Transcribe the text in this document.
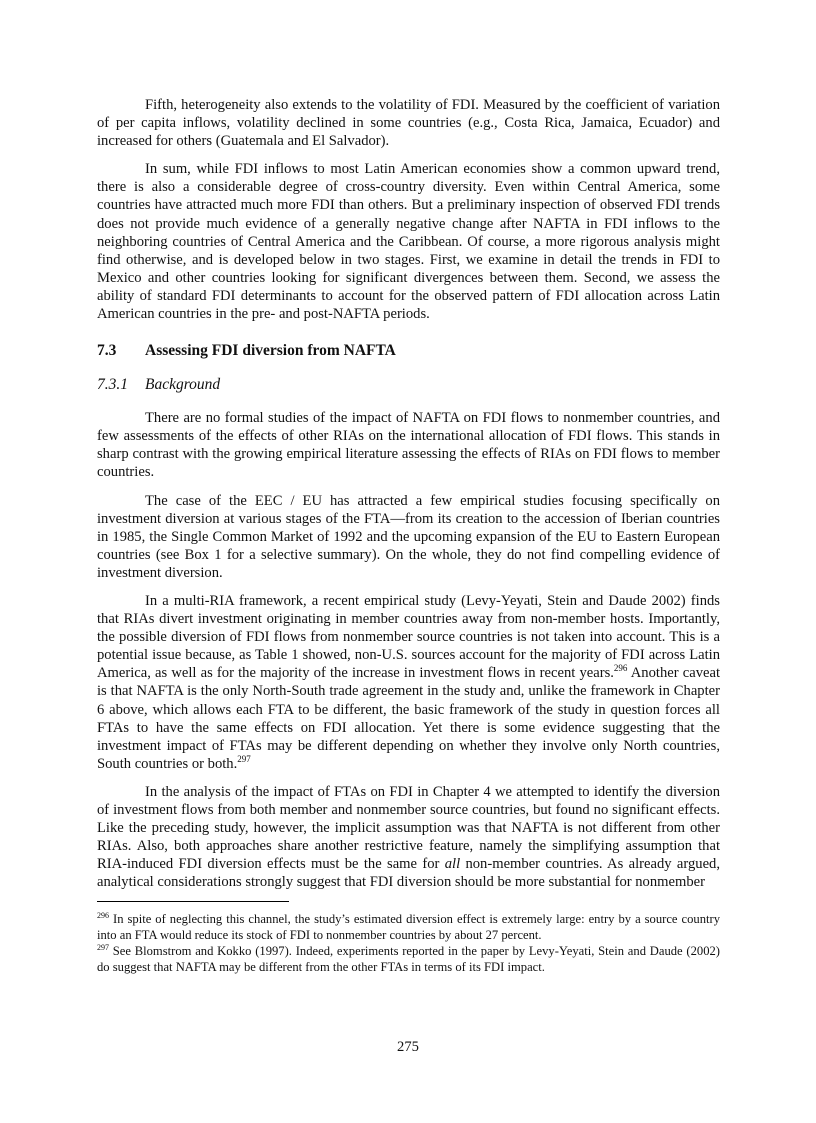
Fifth, heterogeneity also extends to the volatility of FDI. Measured by the coefficient of variation of per capita inflows, volatility declined in some countries (e.g., Costa Rica, Jamaica, Ecuador) and increased for others (Guatemala and El Salvador).

In sum, while FDI inflows to most Latin American economies show a common upward trend, there is also a considerable degree of cross-country diversity. Even within Central America, some countries have attracted much more FDI than others. But a preliminary inspection of observed FDI trends does not provide much evidence of a generally negative change after NAFTA in FDI inflows to the neighboring countries of Central America and the Caribbean. Of course, a more rigorous analysis might find otherwise, and is developed below in two stages. First, we examine in detail the trends in FDI to Mexico and other countries looking for significant divergences between them. Second, we assess the ability of standard FDI determinants to account for the observed pattern of FDI allocation across Latin American countries in the pre- and post-NAFTA periods.

7.3 Assessing FDI diversion from NAFTA
7.3.1 Background

There are no formal studies of the impact of NAFTA on FDI flows to nonmember countries, and few assessments of the effects of other RIAs on the international allocation of FDI flows. This stands in sharp contrast with the growing empirical literature assessing the effects of RIAs on FDI flows to member countries.

The case of the EEC / EU has attracted a few empirical studies focusing specifically on investment diversion at various stages of the FTA—from its creation to the accession of Iberian countries in 1985, the Single Common Market of 1992 and the upcoming expansion of the EU to Eastern European countries (see Box 1 for a selective summary). On the whole, they do not find compelling evidence of investment diversion.

In a multi-RIA framework, a recent empirical study (Levy-Yeyati, Stein and Daude 2002) finds that RIAs divert investment originating in member countries away from non-member hosts. Importantly, the possible diversion of FDI flows from nonmember source countries is not taken into account. This is a potential issue because, as Table 1 showed, non-U.S. sources account for the majority of FDI across Latin America, as well as for the majority of the increase in investment flows in recent years.$^{296}$ Another caveat is that NAFTA is the only North-South trade agreement in the study and, unlike the framework in Chapter 6 above, which allows each FTA to be different, the basic framework of the study in question forces all FTAs to have the same effects on FDI allocation. Yet there is some evidence suggesting that the investment impact of FTAs may be different depending on whether they involve only North countries, South countries or both.$^{297}$

In the analysis of the impact of FTAs on FDI in Chapter 4 we attempted to identify the diversion of investment flows from both member and nonmember source countries, but found no significant effects. Like the preceding study, however, the implicit assumption was that NAFTA is not different from other RIAs. Also, both approaches share another restrictive feature, namely the simplifying assumption that RIA-induced FDI diversion effects must be the same for all non-member countries. As already argued, analytical considerations strongly suggest that FDI diversion should be more substantial for nonmember

$^{296}$ In spite of neglecting this channel, the study’s estimated diversion effect is extremely large: entry by a source country into an FTA would reduce its stock of FDI to nonmember countries by about 27 percent.

$^{297}$ See Blomstrom and Kokko (1997). Indeed, experiments reported in the paper by Levy-Yeyati, Stein and Daude (2002) do suggest that NAFTA may be different from the other FTAs in terms of its FDI impact.

275
